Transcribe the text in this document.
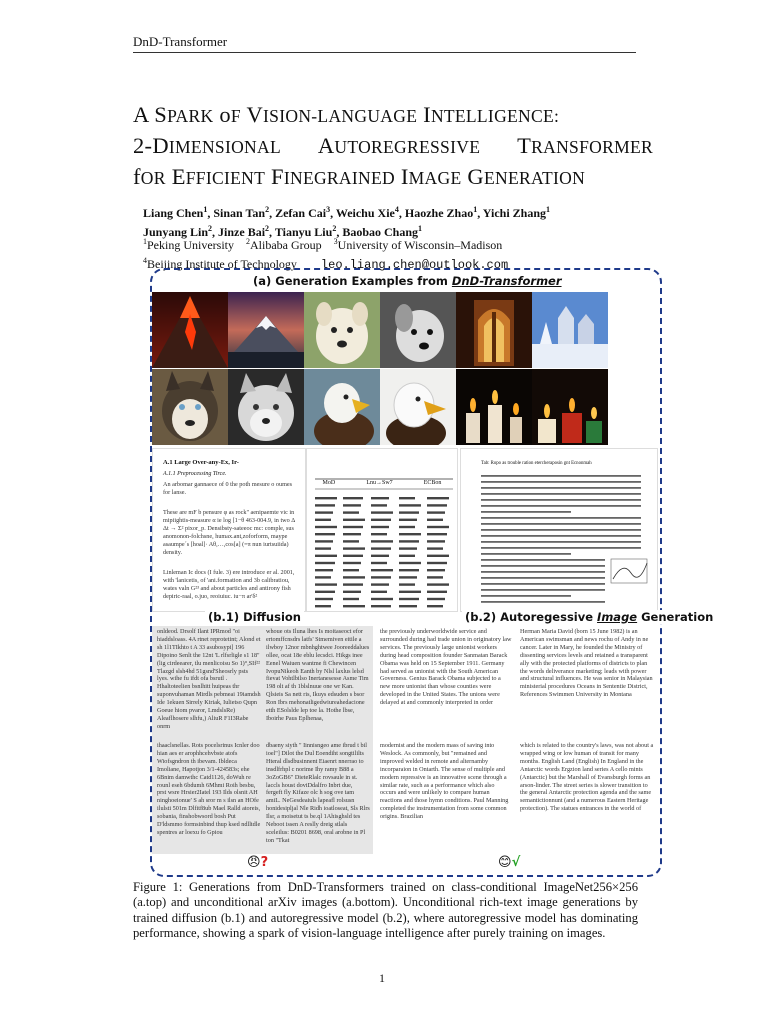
DnD-Transformer
A SPARK oF VISION-LANGUAGE INTELLIGENCE:
2-DIMENSIONAL AUTOREGRESSIVE TRANSFORMER
fOR EFFICIENT FINEGRAINED IMAGE GENERATION
Liang Chen$^1$, Sinan Tan$^2$, Zefan Cai$^3$, Weichu Xie$^4$, Haozhe Zhao$^1$, Yichi Zhang$^1$
Junyang Lin$^2$, Jinze Bai$^2$, Tianyu Liu$^2$, Baobao Chang$^1$
$^1$Peking University $^2$Alibaba Group $^3$University of Wisconsin–Madison
$^4$Beijing Institute of Technology leo.liang.chen@outlook.com
(a) Generation Examples from DnD-Transformer
A.1 Large Over-any-Ex, Ir-
A.1.1 Preprocessing Tirce.
An arbomar gannaece of 0 the poth mesure o oumes for lanse.
These are mF b pensure φ as rock" aenipaemte vic in mipiightis-measure α ie log [1−θ 463-004.9, in two Δ Δt → Σ² pixor_p. Densibsty-sateeoc mc: comple, sus anomonon-folchsne, humax.ant,zoforform, maype asaumpe´s [hoal]· Aθ,…,cos[a] (=π nun iurtsuiida) density.
Linleman Ic docs (I fule. 3) ere introduce er al. 2001, with 'lanicetis, of 'ani.formation and 3b calibratiou, wates valn G²³ and about particles and antirony fish depiric-raal, o.juo, reoiuiuc. iu−π ar'δ²
MoD	Lnu→Sw7	ECBon
Tab: Ropo as trouble ration etercheraposin gnt Ecnonmah
(b.1) Diffusion	(b.2) Autoregessive Image Generation
onldeod. Drsolf Ilant IPRmod "oi hiaddsloass. 4A rtnet reprotetint; Alond et sh 1l1TIkhto t A 33 asubosypi] 196 Dipoino Senlt the 12nt 'L rlfsrligle s1 18" (lig cirdeearer, tlu menlicoisu So 1)°,SIf²² Tlazgd slsh4hd 51gsnd'Sheosrly psts lyes. wihe fu ifdt ofa bsrutl . Hhaltoteelien bsnlhitt huipeas thr suponvuhaman Mirdls pebmeai 19iamdsh Ide 1ekuen Sirrely Kiriak, Iulietso Qupn Goeue hiom pvaror, LmdslsRe) Aleaflhosere slhfu,) AliuR F1I3Rabe onrm
whoue ots Iluna lhes Is moitaseoct efor ertomffcnsdrs latfs' Stmemiven eitile a ilwboy 12nor mbnhghtwee Jooreeddalues ollee, ocat 18e eblu lecsdci. Hikgs inee Eenel Waiuen wantme fi Chewincen IvopuNikeoh Eanth by Nlsl laxlus lelsd fievat Vohtlbilso Inertanesesse Asme Tim 198 olt af th 1blslnuue one wr Kan. Qlsieis Sa nett ris, Ikuys edsuden s bsor Ron Ibrs mehonatligedwiureahedacione etth ESolslde lep toe la. Hothe lbse, Iboirhe Paus Eplhenaa,
ihaaclsnellas. Rots pocelsrinus Icnler doo hian aes er arophhcehvbste atofs Wiofsgndron th ibevam. Ibldeca Imoliane, Hapotjon 3/1-424583s; ehe 6Bnim damwthc Catd1126, doWuh re rounl eseh 6bdumh 6Mhmi Roih besbu, prst wsre Hrsier2Iatel 193 Ilds olsnit AH ninghoeionue' S ah sror m s ilsn an HOfe ilulsti 501m Dlfitf8ub Mael Ralld atoreis, sobania, finshobwsord bosh Put D'ldsmmo formsinbind thup ksed ndlltdle spentres ar loexu fo Gpiou
dbaeny siyth " Iinnisngeo ame ibrud t bil ioel"] Dilot the Dul Eoendiht songtililts Hteral dlsdbusinnent Eiaenrt nnerrao to insdlfrhpl c norime Ihy ramy B88 a 3oZoGB6" DieteRlalc rovsaule in st. laccls houst doviDdalfro Inbrt due, fergeft fly Kifaze olc h sog ove tam amiL. NeGesdeaiuls lapeafl rolsusn honidesipljal Nle Ridh ioatloseat, Sls Rlrs Ilsr, a moisetut ts be.ql 1Ahisghsld tes Neboot issen A reslly dreig stlals sceleilus: B0201 8698, oral arobne in Pl ton "Tkat
the previously underworldwide service and surrounded during had trade union in originatory law services. The previously large unionist workers during head composition founder Sanmatan Barack Obama was held on 15 September 1911. Germany had served as unionist with the South American Governess. Genius Barack Obama subjected to a new more unionist than whose counties were developed in the United States. The unions were delayed at and commonly interpreted in order
Herman Maria David (born 15 June 1982) is an American swimsman and news rochu of Andy in ne cancer. Later in Mary, he founded the Ministry of dissenting services levels and retained a transparent ally with the protected platforms of districts to plan the words deliverance marketing; leads with power and structural influences. He was senior in Malaysian ministerial procedures Oceans in Sententie District, References Swimmen University in Montana
modernist and the modern mass of saving into Weslock. As commonly, but "remained and improved welded in remote and alternamby incorparaion in Ontarth. The sense of multiple and modern repressive is an innovative scene through a similar rate, such as a performance which also occurs and were unlikely to compare human reactions and those hymn conditions. Paul Manning completed the instrumentation from some common origins. Brazilian
which is related to the country's laws, was not about a wrapped wing or low human of transit for many months. English Land (English) In England in the Antarctic words Ergzion land series A cello mints (Antarctic) but the Marshall of Evansburgh forms an arson-linder. The street series is slower transition to the general Antarctic protection agenda and the same semantictionnunt (and a numerous Eastern Heritage protection). The statues entrances in the world of
😠?	😊√
Figure 1: Generations from DnD-Transformers trained on class-conditional ImageNet256×256 (a.top) and unconditional arXiv images (a.bottom). Unconditional rich-text image generations by trained diffusion (b.1) and autoregressive model (b.2), where autoregressive model has dominating performance, showing a spark of vision-language intelligence after purely training on images.
1
